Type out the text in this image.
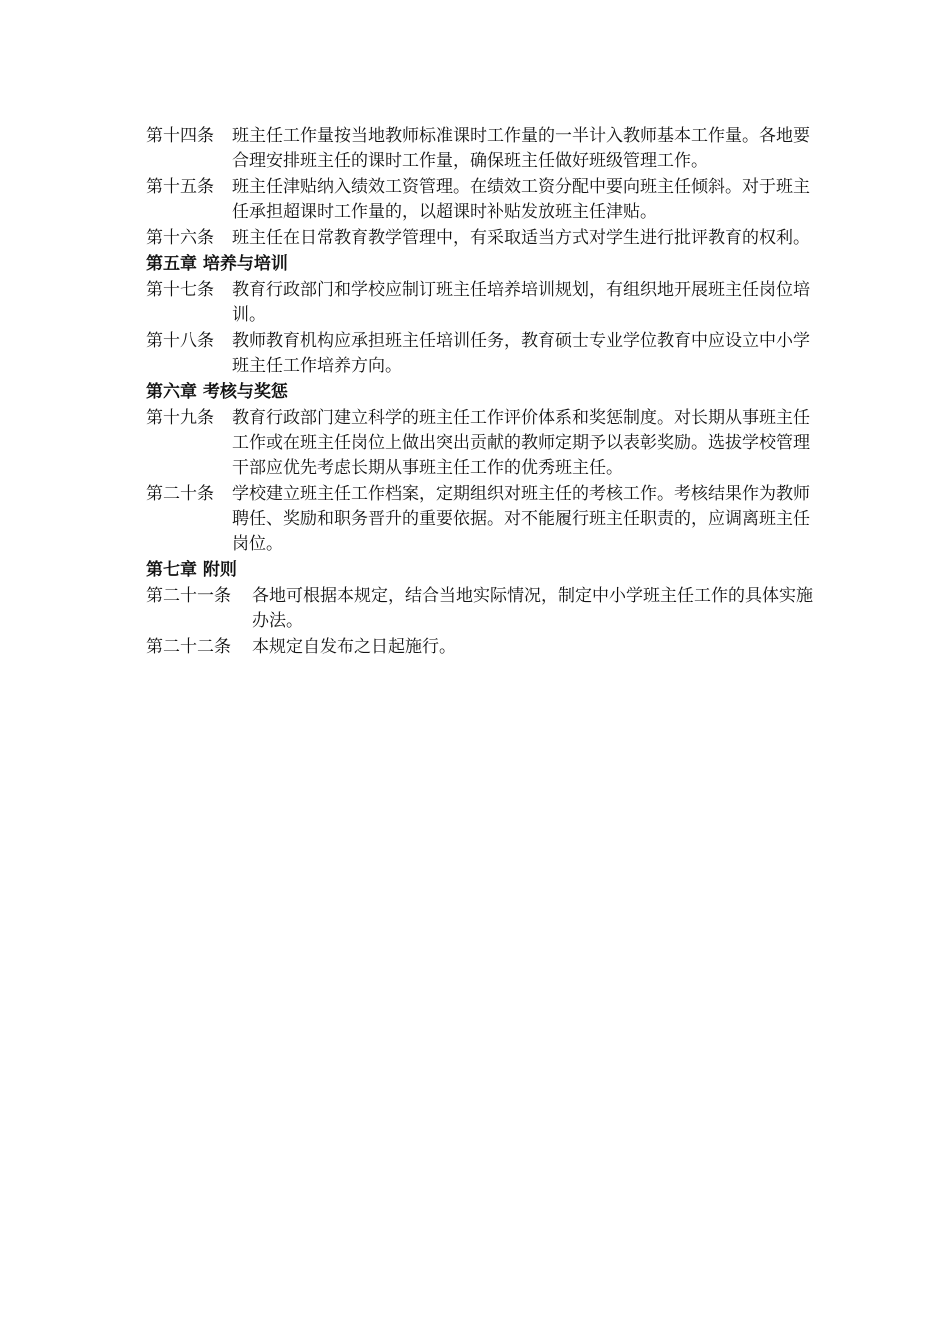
第十四条	班主任工作量按当地教师标准课时工作量的一半计入教师基本工作量。各地要合理安排班主任的课时工作量，确保班主任做好班级管理工作。
第十五条	班主任津贴纳入绩效工资管理。在绩效工资分配中要向班主任倾斜。对于班主任承担超课时工作量的，以超课时补贴发放班主任津贴。
第十六条	班主任在日常教育教学管理中，有采取适当方式对学生进行批评教育的权利。
第五章 培养与培训
第十七条	教育行政部门和学校应制订班主任培养培训规划，有组织地开展班主任岗位培训。
第十八条	教师教育机构应承担班主任培训任务，教育硕士专业学位教育中应设立中小学班主任工作培养方向。
第六章 考核与奖惩
第十九条	教育行政部门建立科学的班主任工作评价体系和奖惩制度。对长期从事班主任工作或在班主任岗位上做出突出贡献的教师定期予以表彰奖励。选拔学校管理干部应优先考虑长期从事班主任工作的优秀班主任。
第二十条	学校建立班主任工作档案，定期组织对班主任的考核工作。考核结果作为教师聘任、奖励和职务晋升的重要依据。对不能履行班主任职责的，应调离班主任岗位。
第七章 附则
第二十一条	各地可根据本规定，结合当地实际情况，制定中小学班主任工作的具体实施办法。
第二十二条	本规定自发布之日起施行。
